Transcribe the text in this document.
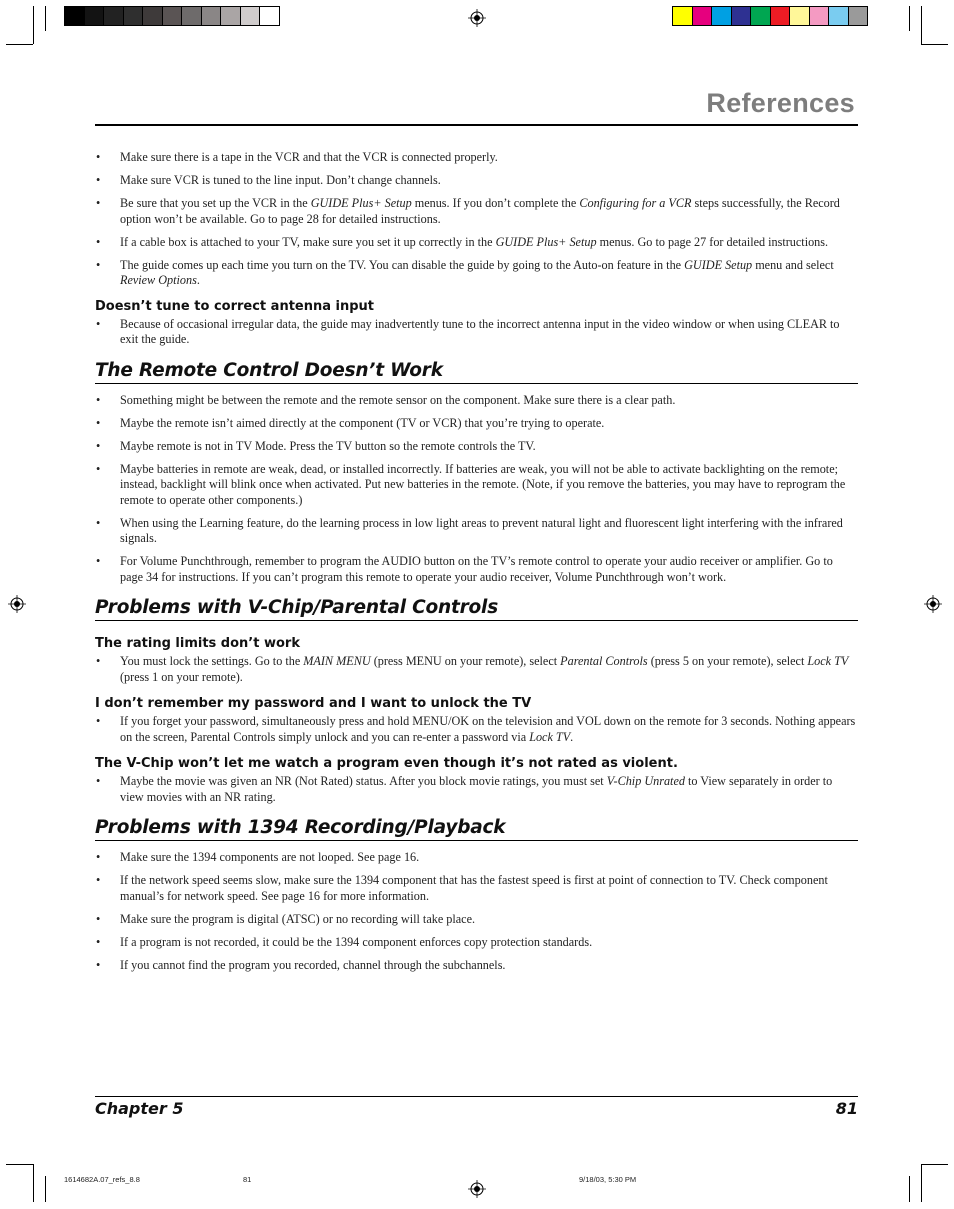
References
• Make sure there is a tape in the VCR and that the VCR is connected properly.
• Make sure VCR is tuned to the line input. Don’t change channels.
• Be sure that you set up the VCR in the GUIDE Plus+ Setup menus. If you don’t complete the Configuring for a VCR steps successfully, the Record option won’t be available. Go to page 28 for detailed instructions.
• If a cable box is attached to your TV, make sure you set it up correctly in the GUIDE Plus+ Setup menus. Go to page 27 for detailed instructions.
• The guide comes up each time you turn on the TV. You can disable the guide by going to the Auto-on feature in the GUIDE Setup menu and select Review Options.
Doesn’t tune to correct antenna input
• Because of occasional irregular data, the guide may inadvertently tune to the incorrect antenna input in the video window or when using CLEAR to exit the guide.
The Remote Control Doesn’t Work
• Something might be between the remote and the remote sensor on the component. Make sure there is a clear path.
• Maybe the remote isn’t aimed directly at the component (TV or VCR) that you’re trying to operate.
• Maybe remote is not in TV Mode. Press the TV button so the remote controls the TV.
• Maybe batteries in remote are weak, dead, or installed incorrectly. If batteries are weak, you will not be able to activate backlighting on the remote; instead, backlight will blink once when activated. Put new batteries in the remote. (Note, if you remove the batteries, you may have to reprogram the remote to operate other components.)
• When using the Learning feature, do the learning process in low light areas to prevent natural light and fluorescent light interfering with the infrared signals.
• For Volume Punchthrough, remember to program the AUDIO button on the TV’s remote control to operate your audio receiver or amplifier. Go to page 34 for instructions. If you can’t program this remote to operate your audio receiver, Volume Punchthrough won’t work.
Problems with V-Chip/Parental Controls
The rating limits don’t work
• You must lock the settings. Go to the MAIN MENU (press MENU on your remote), select Parental Controls (press 5 on your remote), select Lock TV (press 1 on your remote).
I don’t remember my password and I want to unlock the TV
• If you forget your password, simultaneously press and hold MENU/OK on the television and VOL down on the remote for 3 seconds. Nothing appears on the screen, Parental Controls simply unlock and you can re-enter a password via Lock TV.
The V-Chip won’t let me watch a program even though it’s not rated as violent.
• Maybe the movie was given an NR (Not Rated) status. After you block movie ratings, you must set V-Chip Unrated to View separately in order to view movies with an NR rating.
Problems with 1394 Recording/Playback
• Make sure the 1394 components are not looped. See page 16.
• If the network speed seems slow, make sure the 1394 component that has the fastest speed is first at point of connection to TV. Check component manual’s for network speed. See page 16 for more information.
• Make sure the program is digital (ATSC) or no recording will take place.
• If a program is not recorded, it could be the 1394 component enforces copy protection standards.
• If you cannot find the program you recorded, channel through the subchannels.
Chapter 5	81
1614682A.07_refs_8.8	81	9/18/03, 5:30 PM
